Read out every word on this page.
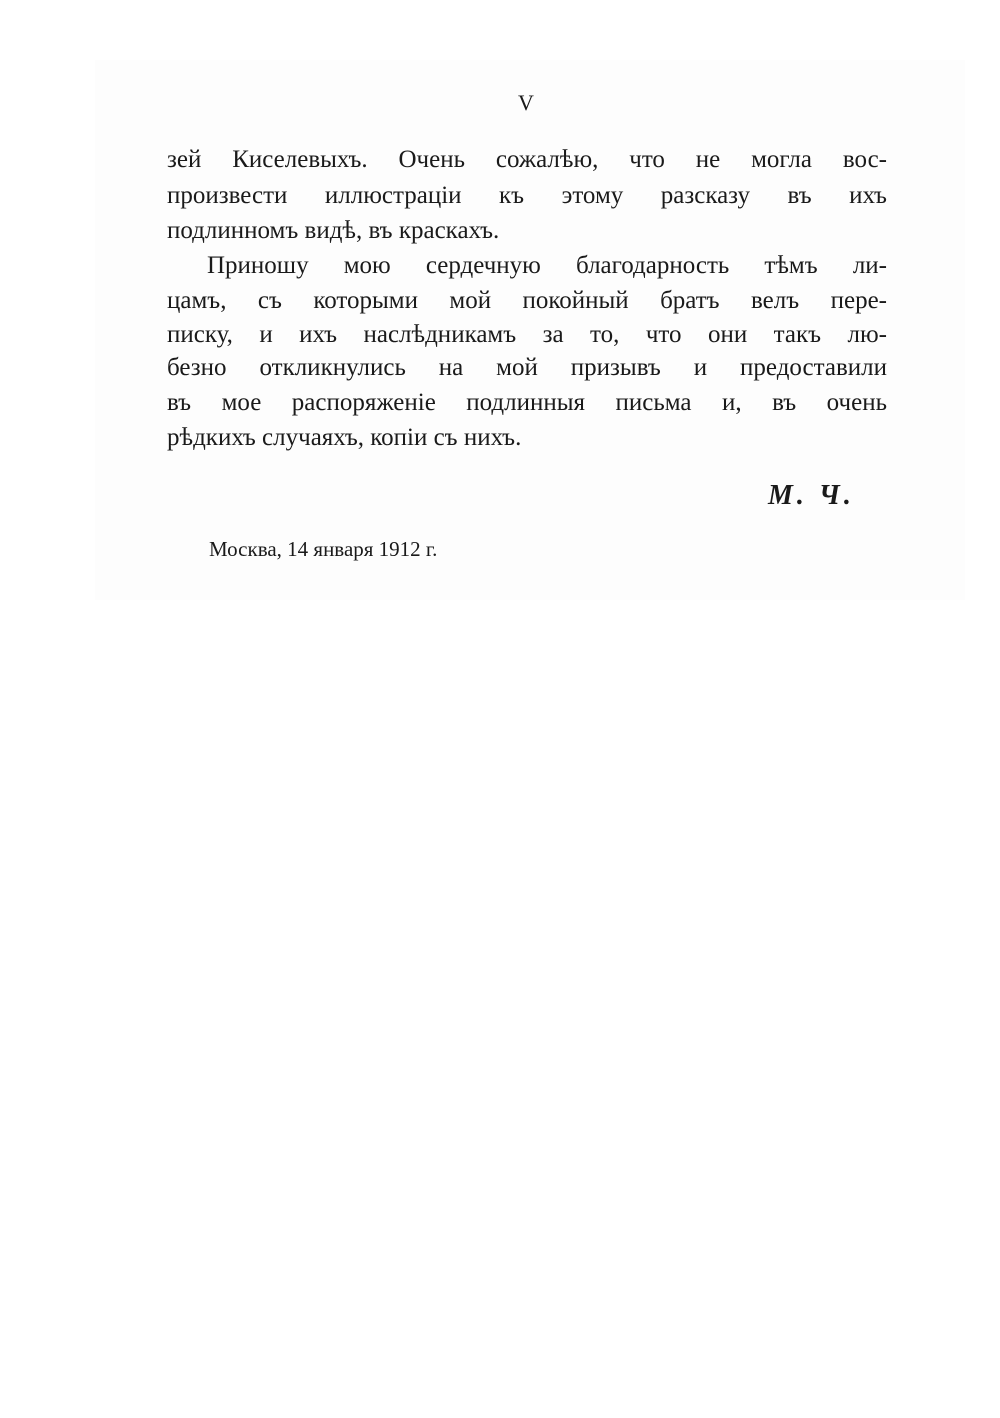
V
зей Киселевыхъ. Очень сожалѣю, что не могла вос-
произвести иллюстраціи къ этому разсказу въ ихъ
подлинномъ видѣ, въ краскахъ.
Приношу мою сердечную благодарность тѣмъ ли-
цамъ, съ которыми мой покойный братъ велъ пере-
писку, и ихъ наслѣдникамъ за то, что они такъ лю-
безно откликнулись на мой призывъ и предоставили
въ мое распоряженіе подлинныя письма и, въ очень
рѣдкихъ случаяхъ, копіи съ нихъ.
М. Ч.
Москва, 14 января 1912 г.
